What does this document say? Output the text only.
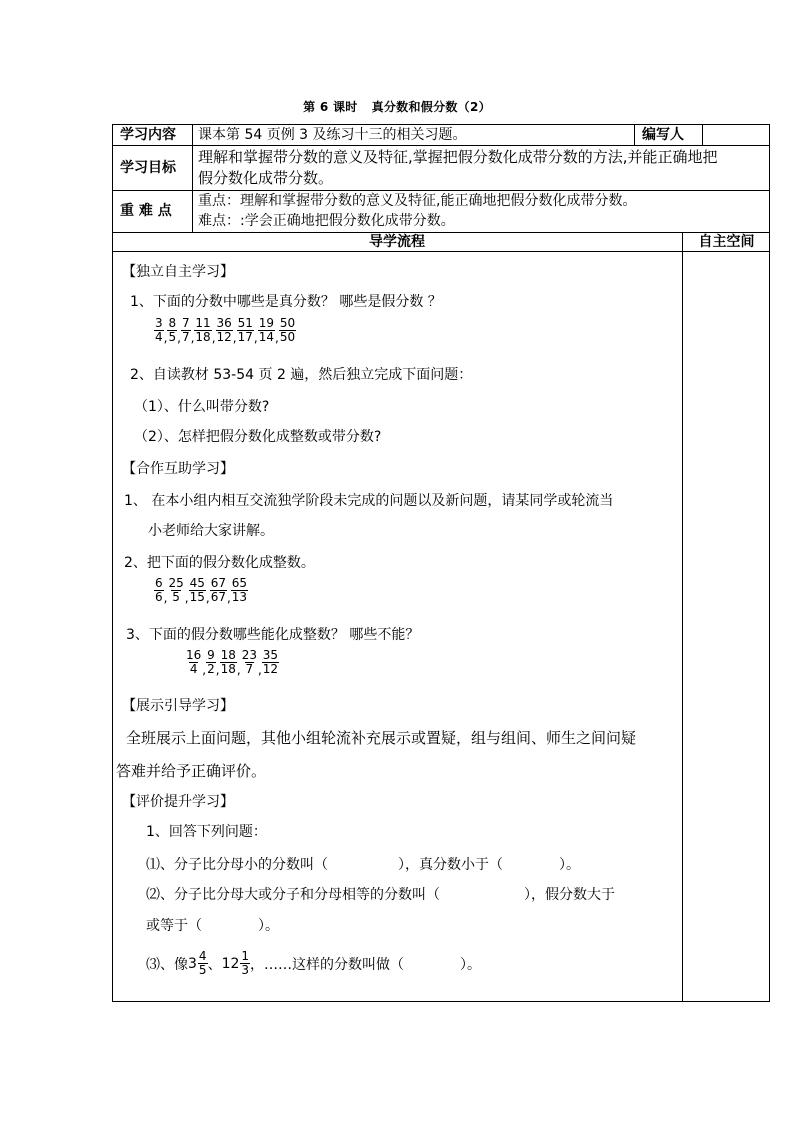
第 6 课时 真分数和假分数（2）
学习内容 课本第 54 页例 3 及练习十三的相关习题。	编写人
学习目标
理解和掌握带分数的意义及特征,掌握把假分数化成带分数的方法,并能正确地把
假分数化成带分数。
重 难 点
重点：理解和掌握带分数的意义及特征,能正确地把假分数化成带分数。
难点：:学会正确地把假分数化成带分数。
导学流程	自主空间
【独立自主学习】
1、下面的分数中哪些是真分数？ 哪些是假分数 ？
$\frac{3}{4}$ , $\frac{8}{5}$ , $\frac{7}{7}$ , $\frac{11}{18}$ , $\frac{36}{12}$ , $\frac{51}{17}$ , $\frac{19}{14}$ , $\frac{50}{50}$
2、自读教材 53-54 页 2 遍，然后独立完成下面问题：
（1）、什么叫带分数?
（2）、怎样把假分数化成整数或带分数?
【合作互助学习】
1、 在本小组内相互交流独学阶段未完成的问题以及新问题，请某同学或轮流当
小老师给大家讲解。
2、把下面的假分数化成整数。
$\frac{6}{6}$ , $\frac{25}{5}$ , $\frac{45}{15}$ , $\frac{67}{67}$ , $\frac{65}{13}$
3、下面的假分数哪些能化成整数？ 哪些不能？
$\frac{16}{4}$ , $\frac{9}{2}$ , $\frac{18}{18}$ , $\frac{23}{7}$ , $\frac{35}{12}$
【展示引导学习】
全班展示上面问题，其他小组轮流补充展示或置疑，组与组间、师生之间问疑
答难并给予正确评价。
【评价提升学习】
1、回答下列问题：
⑴、分子比分母小的分数叫（　　　　　），真分数小于（　　　　）。
⑵、分子比分母大或分子和分母相等的分数叫（　　　　　　），假分数大于
或等于（　　　　）。
⑶、像 $3 \frac{4}{5}$ 、 $12 \frac{1}{3}$ ，……这样的分数叫做（　　　　）。
